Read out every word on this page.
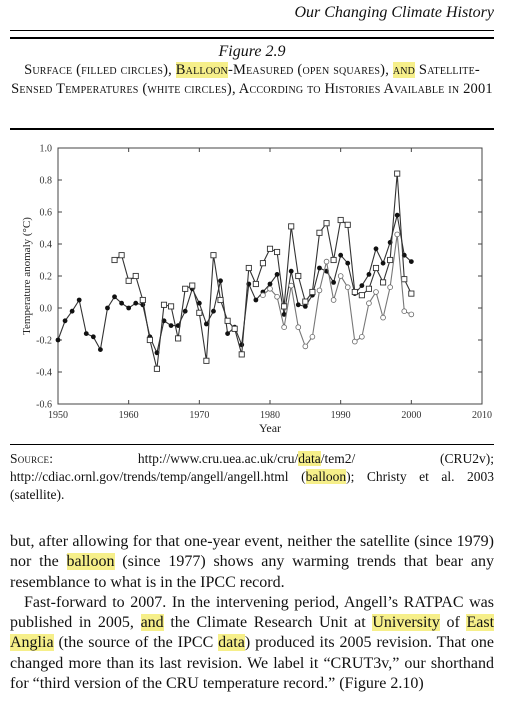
Our Changing Climate History
Figure 2.9
Surface (filled circles), Balloon-Measured (open squares), and Satellite-Sensed Temperatures (white circles), According to Histories Available in 2001
1.0
0.8
0.6
0.4
0.2
0.0
-0.2
-0.4
-0.6
1950	1960	1970	1980	1990	2000	2010
Year
Temperature anomaly (°C)
Source: http://www.cru.uea.ac.uk/cru/data/tem2/ (CRU2v); http://cdiac.ornl.gov/trends/temp/angell/angell.html (balloon); Christy et al. 2003 (satellite).

but, after allowing for that one-year event, neither the satellite (since 1979) nor the balloon (since 1977) shows any warming trends that bear any resemblance to what is in the IPCC record.

Fast-forward to 2007. In the intervening period, Angell’s RATPAC was published in 2005, and the Climate Research Unit at University of East Anglia (the source of the IPCC data) produced its 2005 revision. That one changed more than its last revision. We label it “CRUT3v,” our shorthand for “third version of the CRU temperature record.” (Figure 2.10)
